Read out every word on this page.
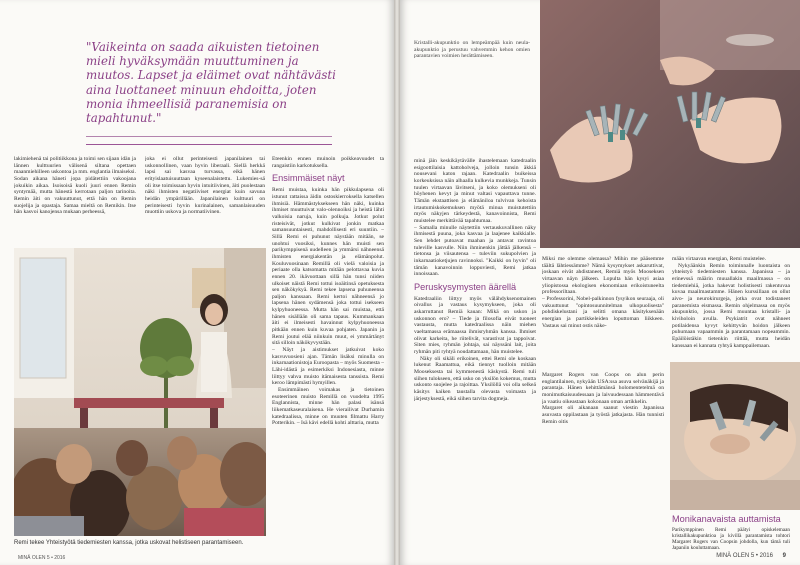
"Vaikeinta on saada aikuisten tietoinen mieli hyväksymään muuttuminen ja muutos. Lapset ja eläimet ovat nähtävästi aina luottaneet minuun ehdoitta, joten monia ihmeellisiä paranemisia on tapahtunut."

lakimiehenä tai politiikkona ja toimi sen sijaan idän ja lännen kulttuurien välisenä siltana opettaen maanmiehilleen uskontoa ja mm. englantia ilmaiseksi. Sodan aikana häneti jopa pidätettiin vakoojana jokuikin aikaa. Isoisoisä kuoli juuri ennen Remin syntymää, mutta hänestä kerrotaan paljon tarinoita. Remin äiti on vakuuttunut, että hän on Remin suojelija ja opastaja. Samaa mieltä on Remikin. Itse hän kasvoi kanojensa mukaan perheessä,

joka ei ollut perinteisesti japanilainen tai uskonnollinen, vaan hyvin liberaali. Siellä herkkä lapsi sai kasvaa turvassa, eikä hänen erityislaatuisuuttaan kyseenalaistettu. Lukemies-sä oli itse toimissaan hyvin intuitiivinen, äiti puolestaan näki ihmisten negatiiviset energiat kuin savuna heidän ympärillään. Japanilainen kulttuuri on perinteisesti hyvin kurinalainen, samanlaisuuden muottiin uskova ja normatiivinen.

Eteenkin ennen muinoin poikkeavuudet ta rangaistiin karkotuksella.

Ensimmäiset näyt

Remi muistaa, kuinka hän pikkulapsena oli istunut rattaissa äidin ostoskierroksella katsellen ihmisiä. Hämmästyksekseen hän näki, kuinka ihmiset muuttuivat valo-olennoiksi ja heistä lähti valkoisia naruja, kuin polkuja. Jotkut polut risteisivät, jotkut kulkivat jonkin matkaa samansuuntaisesti, mahdollisesti eri suuntiin. – Sillä Remi ei puhunut näystään mitään, se unohtui vuosiksi, kunnes hän muisti sen parikymppisenä uudelleen ja ymmärsi nähneensä ihmisten energiakentän ja elämänpolut. Kouluvuosinaan Remillä oli vielä valoisia ja periaate olla katsomatta mitään pelottavaa kuvia ennen 20. ikävuottaan sillä hän tunsi niiden ulkoiset näistä Remi tottui isoäitinsä opetuksesta sen näkökykyä. Remi tekee lapsena puhuneensa paljon kanssaan. Remi kertoi nähneensä jo lapsena hänen sydämensä joka tottui isekseen kylpyhuoneessa. Mutta hän sai muistaa, että hänen sisällään oli sama tapaus. Kummankaan äiti ei ilmeisesti havainnut kylpyhuoneessa pitkään ennen kuin kuvaa pohjaten. Japanin ja Remi joutui elää niinkuin muut, ei ymmärtänyt sitä silloin näkökyvystään.

– Näyt ja aistimukset jatkuivat koko kasvuvuosieni ajan. Tämän lisäksi minulla on inkarnaationistoja Euroopasta – myös Suomesta – Lähi-idästä ja esimerkiksi Indonesiasta, minne liittyy vahva muisto itämaisesta tanssista. Remi keroo lämpimästi hymyillen.

Ensimmäinen voimakas ja tietoinen esoteerinen muisto Remillä on vuodelta 1995 Englannista, minne hän palasi isänsä liikematkaseuralaisena. He vierailivat Durhamin katedraalissa, minne on muuten filmattu Harry Potterikin. – Isä kävi edellä kohti alttaria, mutta

Remi tekee Yhteistyötä tiedemiesten kanssa, jotka uskovat helistiseen parantamiseen.
MINÄ OLEN 5 • 2016

Kristalli-akupunktio on lempeämpää kuin neula-akupunktio ja perustuu vahvemmin kehon omien parantavien voimien herättämiseen.

minä jäin keskikäytävälle ihastelemaan katedraalin esigoottilaisia kattoholveja, jolloin tunsin äkkiä nousevani katon rajaan. Katedraalin buikeissa korkeuksissa näin alhaalla kulkevia munkkeja. Tunsin tuulen virtaavan lävitseni, ja koko olemukseni oli höyhenen kevyt ja minut valtasi vapauttava tunne. Tämän ekstaattisen ja elämäniloa tulvivan kehoista irtautumiskokemuksen myötä minua muistutettiin myös näkyjen tärkeydestä, kanavoinnista, Remi muistelee merkittävää tapahtumaa.

– Samalla minulle näytettiin vertauskuvallinen näky ihmisestä puuna, joka kasvaa ja laajenee kaikkialle. Sen lehdet putoavat maahan ja antavat ravintoa tuleville kasvulle. Niin ihminenkin jättää jälkensä – tietonsa ja viisautensa – tuleviin sukupolvien ja inkarnaatioketjujen ravinnoksi. "Kaikki on hyvin" oli tämän kanavoinnin loppuviesti, Remi jatkaa innoissaan.

Peruskysymysten äärellä

Katedraaliin liittyy myös välähdyksenomainen oivallus ja vastaus kysymykseen, joka oli askarruttanut Remiä kauan: Mikä on uskon ja uskonnon ero? – Tiede ja filosofia eivät tuoneet vastausta, mutta katedraalissa näin miehen vaeltamassa erämaassa ihmisryhmän kanssa. Ihmiset olivat karkeita, he riitelivät, varastivat ja tappoivat. Siten mies, ryhmän johtaja, sai näyssäni lait, joita ryhmän piti ryhtyä noudattamaan, hän muistelee.

Näky oli sikäli erikoinen, ettei Remi ole koskaan lukenut Raamattua, eikä tiennyt tuolloin mitään Mooseksesta tai kymmenestä käskystä. Remi tuli siihen tulokseen, että usko on yksilön kokemus, mutta uskonto suojelee ja rajoittaa. Yksilöllä voi olla selkeä käsitys kaiken taustalla olevasta voimasta ja järjestyksestä, eikä siihen tarvita dogmeja.

Miksi me olemme olemassa? Mihin me pääsemme täältä lähtiessämme? Nämä kysymykset askaruttivat, joskaan eivät ahdistaneet, Remiä myös Mooseksen virtaavan näyn jälkeen. Lopulta hän kysyi asiaa yliopistossa ekologisen ekonomiaan erikoistuneelta professoriltaan.

– Professorini, Nobel-palkinnon fysyikon seuraaja, oli vakuuttunut "opintosuunnitelman ulkopuolisesta" pohdiskelustani ja selitti omana käsityksenään energian ja partikkeleiden loputtoman liikkeen. Vastaus sai minut ostis näke-

mään virtaavan energian, Remi muistelee.

Nykyäänkin Remin toiminnalle luontaista on yhteistyö tiedemiesten kanssa. Japanissa – ja erinevssä määrin muuallakin maailmassa – on tiedemiehiä, jotka hakevat holistisesti rakentuvaa kuvaa maailmastamme. Hänen kurssillaan on ollut aivo- ja neurokirurgeja, jotka ovat todistaneet paranemista eismassa. Remin ohjelmassa on myös akupunktio, jossa Remi muuntaa kristalli- ja kiviholoin avulla. Psykiatrit ovat nähneet potilaidensa kyvyt kehittyvän hoidon jälkeen puhumaan vapaammin ja parantamaan nopeammin. Epäilöistäkin tietenkin riittää, mutta heidän kanssaan ei kannata ryhtyä kamppailemaan.

Monikanavaista auttamista
MINÄ OLEN 5 • 2016 9

Parikymppinen Remi päätyi opiskelemaan kristallikakupunktioa ja kivillä parantamista tohtori Margaret Rogers van Coopsin johdolla, kun tämä tuli Japaniin kouluttamaan.

Margaret Rogers van Coops on alun perin englantilainen, nykyään USA:ssa asuva selvänäkijä ja parantaja. Hänen kehittämänsä holomentetelmä on monimutkaisuudessaan ja laivuudessaan hämmentävä ja vaatiu oikeastaan kokonaan oman artikkelin.

Margaret oli aikanaan saanut viestin Japanissa asuvasta oppilastaan ja työstä jatkajasta. Hän tunnisti Remin oitis
